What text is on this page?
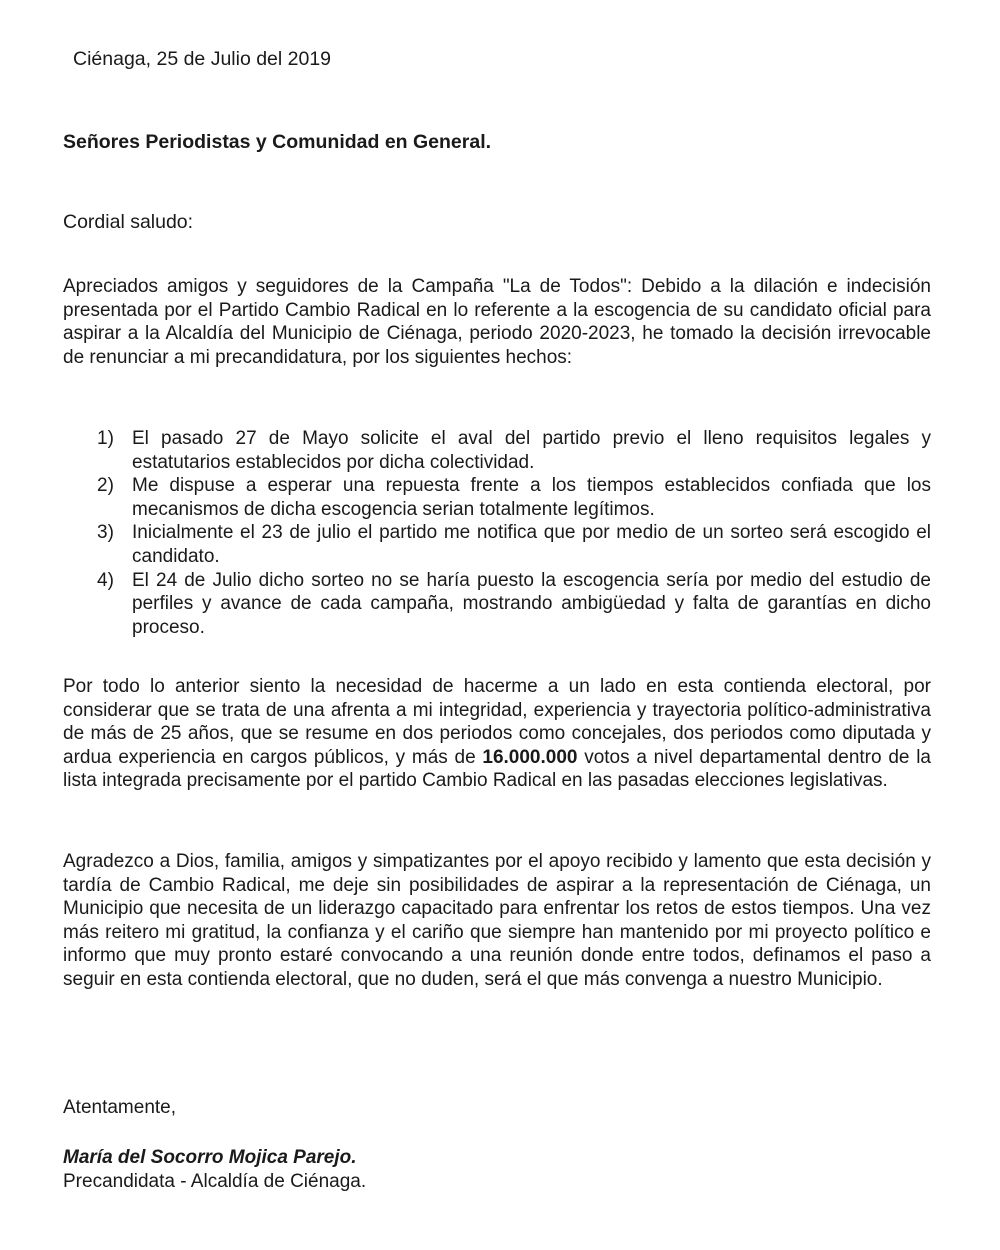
Ciénaga, 25 de Julio del 2019
Señores Periodistas y Comunidad en General.
Cordial saludo:

Apreciados amigos y seguidores de la Campaña "La de Todos": Debido a la dilación e indecisión presentada por el Partido Cambio Radical en lo referente a la escogencia de su candidato oficial para aspirar a la Alcaldía del Municipio de Ciénaga, periodo 2020-2023, he tomado la decisión irrevocable de renunciar a mi precandidatura, por los siguientes hechos:

1) El pasado 27 de Mayo solicite el aval del partido previo el lleno requisitos legales y estatutarios establecidos por dicha colectividad.
2) Me dispuse a esperar una repuesta frente a los tiempos establecidos confiada que los mecanismos de dicha escogencia serian totalmente legítimos.
3) Inicialmente el 23 de julio el partido me notifica que por medio de un sorteo será escogido el candidato.
4) El 24 de Julio dicho sorteo no se haría puesto la escogencia sería por medio del estudio de perfiles y avance de cada campaña, mostrando ambigüedad y falta de garantías en dicho proceso.

Por todo lo anterior siento la necesidad de hacerme a un lado en esta contienda electoral, por considerar que se trata de una afrenta a mi integridad, experiencia y trayectoria político-administrativa de más de 25 años, que se resume en dos periodos como concejales, dos periodos como diputada y ardua experiencia en cargos públicos, y más de 16.000.000 votos a nivel departamental dentro de la lista integrada precisamente por el partido Cambio Radical en las pasadas elecciones legislativas.

Agradezco a Dios, familia, amigos y simpatizantes por el apoyo recibido y lamento que esta decisión y tardía de Cambio Radical, me deje sin posibilidades de aspirar a la representación de Ciénaga, un Municipio que necesita de un liderazgo capacitado para enfrentar los retos de estos tiempos. Una vez más reitero mi gratitud, la confianza y el cariño que siempre han mantenido por mi proyecto político e informo que muy pronto estaré convocando a una reunión donde entre todos, definamos el paso a seguir en esta contienda electoral, que no duden, será el que más convenga a nuestro Municipio.

Atentamente,
María del Socorro Mojica Parejo.
Precandidata - Alcaldía de Ciénaga.
